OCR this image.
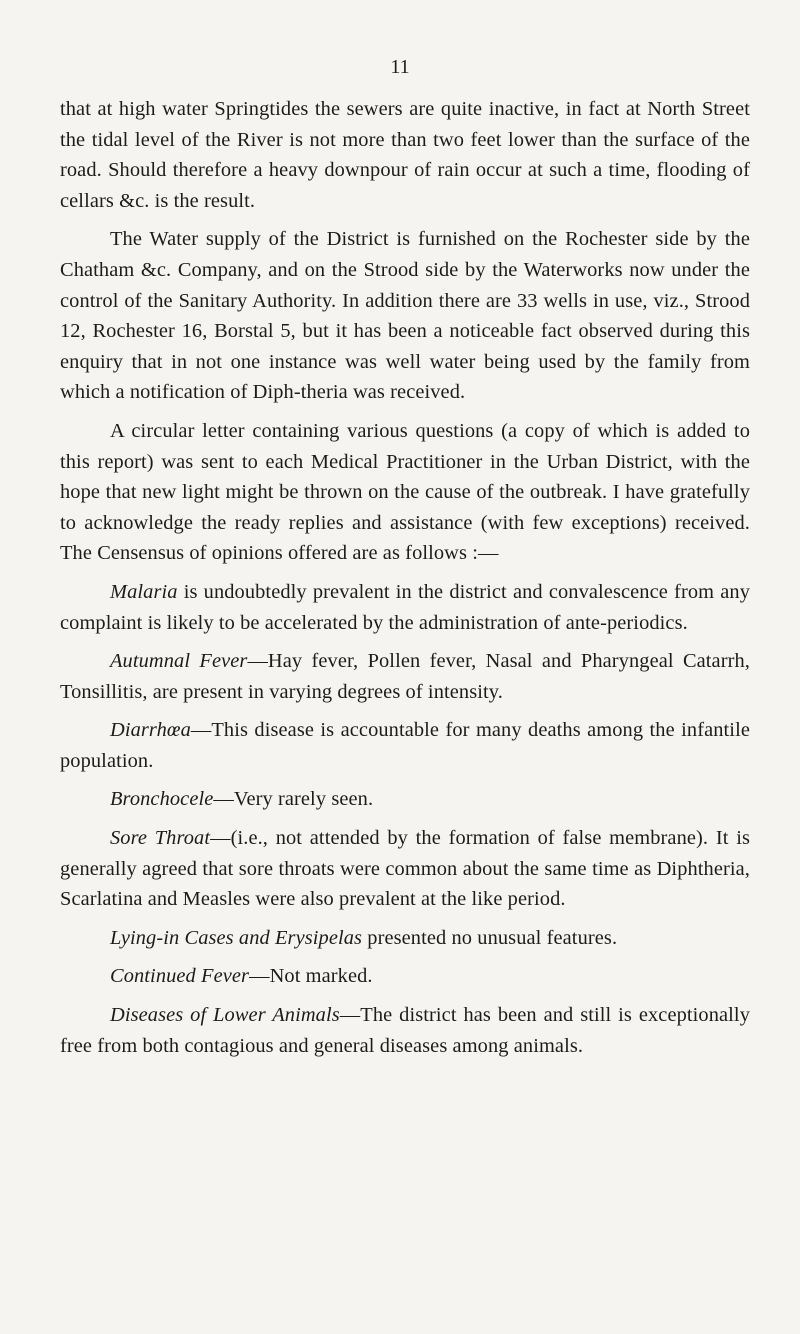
11

that at high water Springtides the sewers are quite inactive, in fact at North Street the tidal level of the River is not more than two feet lower than the surface of the road. Should therefore a heavy downpour of rain occur at such a time, flooding of cellars &c. is the result.

The Water supply of the District is furnished on the Rochester side by the Chatham &c. Company, and on the Strood side by the Waterworks now under the control of the Sanitary Authority. In addition there are 33 wells in use, viz., Strood 12, Rochester 16, Borstal 5, but it has been a noticeable fact observed during this enquiry that in not one instance was well water being used by the family from which a notification of Diph-theria was received.

A circular letter containing various questions (a copy of which is added to this report) was sent to each Medical Practitioner in the Urban District, with the hope that new light might be thrown on the cause of the outbreak. I have gratefully to acknowledge the ready replies and assistance (with few exceptions) received. The Censensus of opinions offered are as follows :—

Malaria is undoubtedly prevalent in the district and convalescence from any complaint is likely to be accelerated by the administration of ante-periodics.

Autumnal Fever—Hay fever, Pollen fever, Nasal and Pharyngeal Catarrh, Tonsillitis, are present in varying degrees of intensity.

Diarrhœa—This disease is accountable for many deaths among the infantile population.

Bronchocele—Very rarely seen.

Sore Throat—(i.e., not attended by the formation of false membrane). It is generally agreed that sore throats were common about the same time as Diphtheria, Scarlatina and Measles were also prevalent at the like period.

Lying-in Cases and Erysipelas presented no unusual features.

Continued Fever—Not marked.

Diseases of Lower Animals—The district has been and still is exceptionally free from both contagious and general diseases among animals.
